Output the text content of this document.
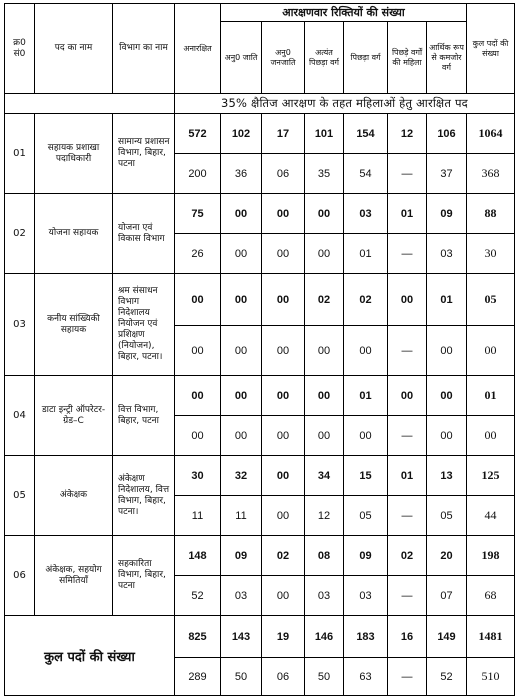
क्र0 सं0	पद का नाम	विभाग का नाम	अनारक्षित	आरक्षणवार रिक्तियों की संख्या						कुल पदों की संख्या
				अनु0 जाति	अनु0 जनजाति	अत्यंत पिछड़ा वर्ग	पिछड़ा वर्ग	पिछड़े वर्गों की महिला	आर्थिक रूप से कमजोर वर्ग	
			35% क्षैतिज आरक्षण के तहत महिलाओं हेतु आरक्षित पद							
01	सहायक प्रशाखा पदाधिकारी	सामान्य प्रशासन विभाग, बिहार, पटना	572	102	17	101	154	12	106	1064
			200	36	06	35	54	—	37	368
02	योजना सहायक	योजना एवं विकास विभाग	75	00	00	00	03	01	09	88
			26	00	00	00	01	—	03	30
03	कनीय सांख्यिकी सहायक	श्रम संसाधन विभाग निदेशालय नियोजन एवं प्रशिक्षण (नियोजन), बिहार, पटना।	00	00	00	02	02	00	01	05
			00	00	00	00	00	—	00	00
04	डाटा इन्ट्री ऑपरेटर- ग्रेड–C	वित्त विभाग, बिहार, पटना	00	00	00	00	01	00	00	01
			00	00	00	00	00	—	00	00
05	अंकेक्षक	अंकेक्षण निदेशालय, वित्त विभाग, बिहार, पटना।	30	32	00	34	15	01	13	125
			11	11	00	12	05	—	05	44
06	अंकेक्षक, सहयोग समितियाँ	सहकारिता विभाग, बिहार, पटना	148	09	02	08	09	02	20	198
			52	03	00	03	03	—	07	68
कुल पदों की संख्या			825	143	19	146	183	16	149	1481
			289	50	06	50	63	—	52	510
